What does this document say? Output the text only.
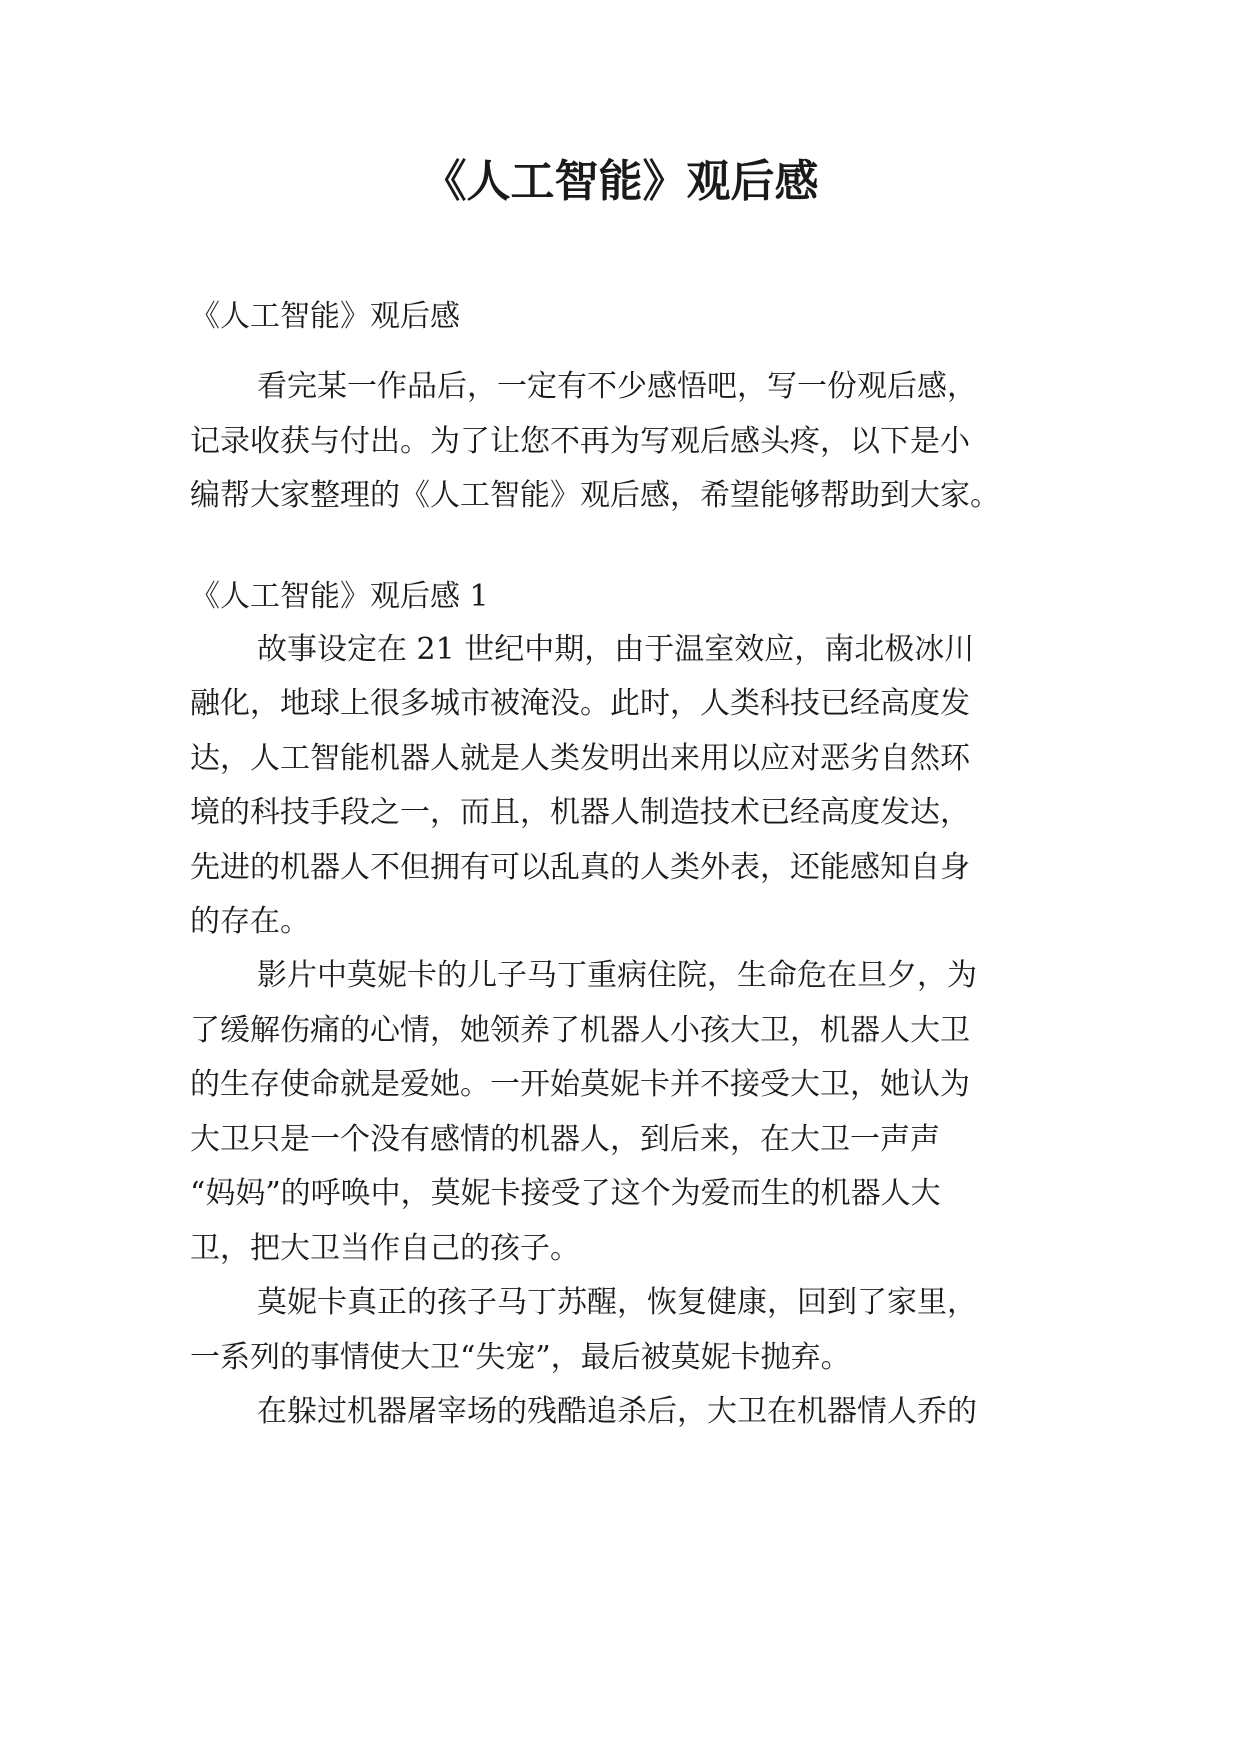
《人工智能》观后感

《人工智能》观后感

看完某一作品后，一定有不少感悟吧，写一份观后感，

记录收获与付出。为了让您不再为写观后感头疼，以下是小

编帮大家整理的《人工智能》观后感，希望能够帮助到大家。

《人工智能》观后感 1

故事设定在 21 世纪中期，由于温室效应，南北极冰川

融化，地球上很多城市被淹没。此时，人类科技已经高度发

达，人工智能机器人就是人类发明出来用以应对恶劣自然环

境的科技手段之一，而且，机器人制造技术已经高度发达，

先进的机器人不但拥有可以乱真的人类外表，还能感知自身

的存在。

影片中莫妮卡的儿子马丁重病住院，生命危在旦夕，为

了缓解伤痛的心情，她领养了机器人小孩大卫，机器人大卫

的生存使命就是爱她。一开始莫妮卡并不接受大卫，她认为

大卫只是一个没有感情的机器人，到后来，在大卫一声声

“妈妈”的呼唤中，莫妮卡接受了这个为爱而生的机器人大

卫，把大卫当作自己的孩子。

莫妮卡真正的孩子马丁苏醒，恢复健康，回到了家里，

一系列的事情使大卫“失宠”，最后被莫妮卡抛弃。

在躲过机器屠宰场的残酷追杀后，大卫在机器情人乔的
